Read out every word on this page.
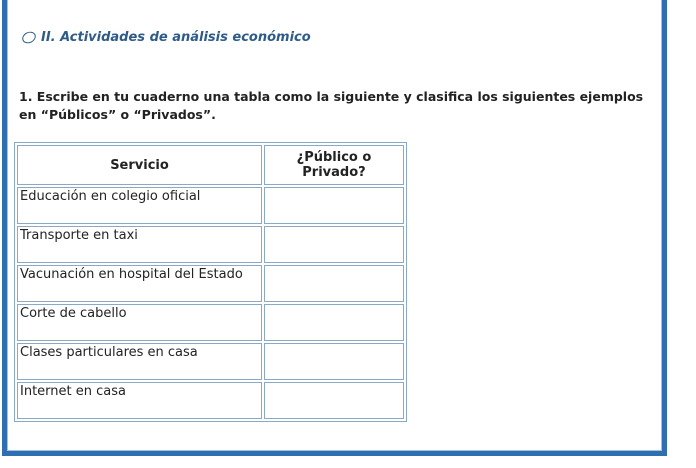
II. Actividades de análisis económico
1. Escribe en tu cuaderno una tabla como la siguiente y clasifica los siguientes ejemplos en “Públicos” o “Privados”.
Servicio	¿Público o Privado?
Educación en colegio oficial	
Transporte en taxi	
Vacunación en hospital del Estado	
Corte de cabello	
Clases particulares en casa	
Internet en casa	
